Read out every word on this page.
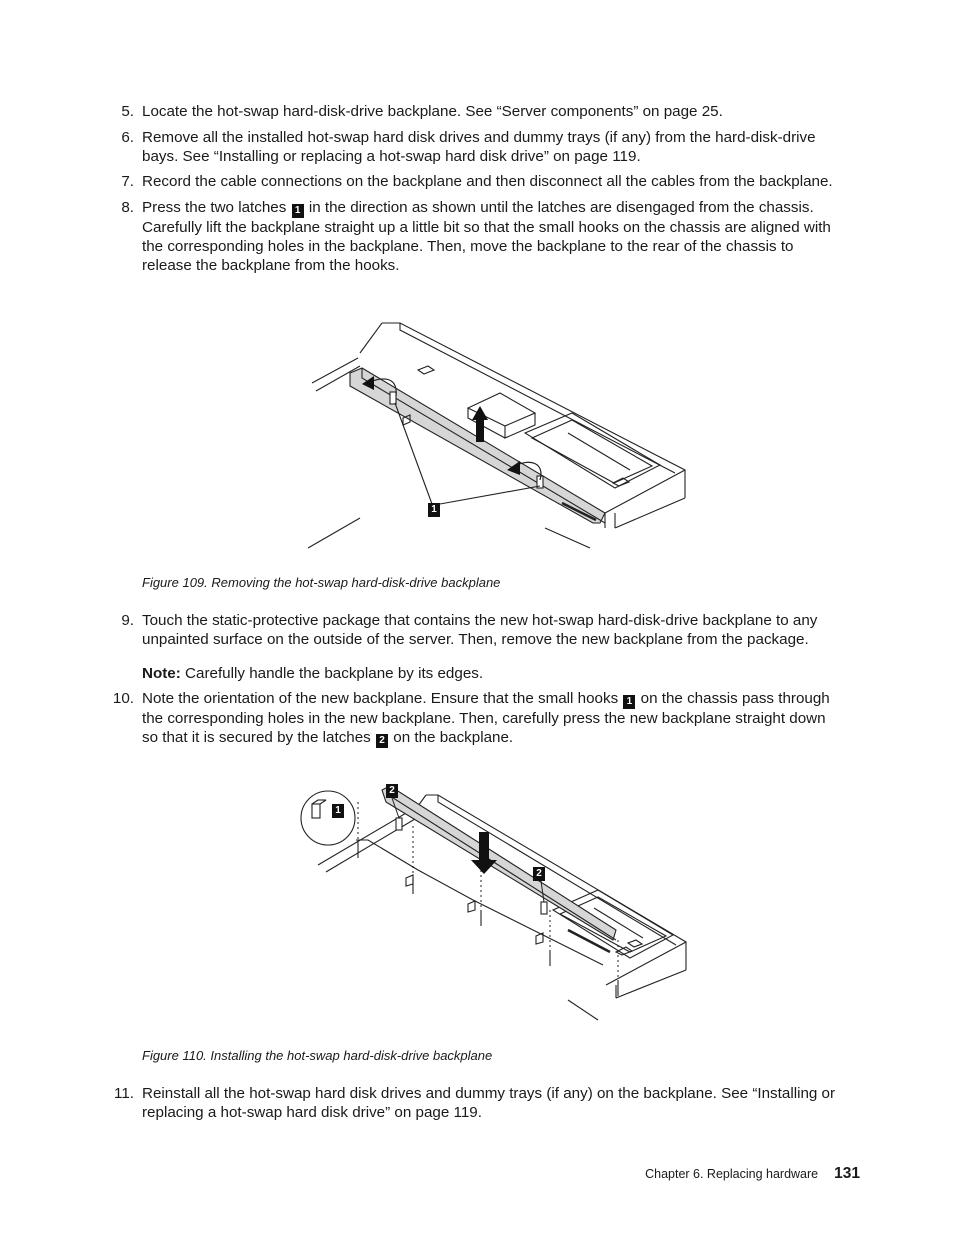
5. Locate the hot-swap hard-disk-drive backplane. See “Server components” on page 25.
6. Remove all the installed hot-swap hard disk drives and dummy trays (if any) from the hard-disk-drive
bays. See “Installing or replacing a hot-swap hard disk drive” on page 119.
7. Record the cable connections on the backplane and then disconnect all the cables from the backplane.
8. Press the two latches 1 in the direction as shown until the latches are disengaged from the chassis.
Carefully lift the backplane straight up a little bit so that the small hooks on the chassis are aligned with
the corresponding holes in the backplane. Then, move the backplane to the rear of the chassis to
release the backplane from the hooks.
1
Figure 109. Removing the hot-swap hard-disk-drive backplane
9. Touch the static-protective package that contains the new hot-swap hard-disk-drive backplane to any
unpainted surface on the outside of the server. Then, remove the new backplane from the package.
Note: Carefully handle the backplane by its edges.
10. Note the orientation of the new backplane. Ensure that the small hooks 1 on the chassis pass through
the corresponding holes in the new backplane. Then, carefully press the new backplane straight down
so that it is secured by the latches 2 on the backplane.
2
1
2
Figure 110. Installing the hot-swap hard-disk-drive backplane
11. Reinstall all the hot-swap hard disk drives and dummy trays (if any) on the backplane. See “Installing or
replacing a hot-swap hard disk drive” on page 119.
Chapter 6. Replacing hardware 131
